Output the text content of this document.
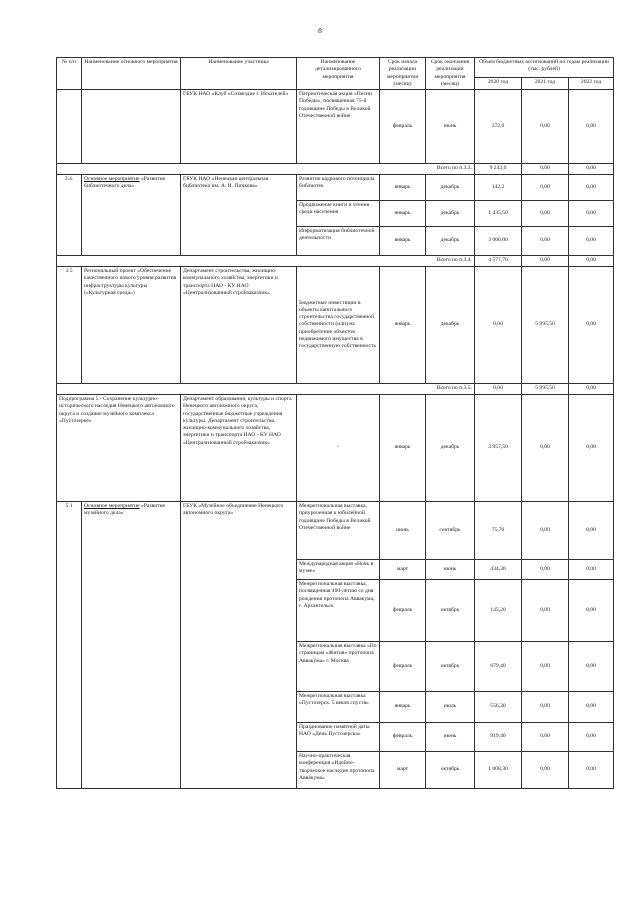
8
№ п/п	Наименование основного мероприятия	Наименование участника	Наименование детализированного мероприятия	Срок начала реализации мероприятия (месяц)	Срок окончания реализации мероприятия (месяц)	Объем бюджетных ассигнований по годам реализации (тыс. рублей)		
						2020 год	2021 год	2022 год
		ГБУК НАО «Клуб «Созвездие г. Искателей»	Патриотическая акция «Песни Победы», посвященная 75-й годовщине Победы в Великой Отечественной войне	февраль	июнь	372,0	0,00	0,00
Всего по п.3.3.						9 243,0	0,00	0,00
3.4.	Основное мероприятие «Развитие библиотечного дела»	ГБУК НАО «Ненецкая центральная библиотека им. А. И. Пичкова»	Развитие кадрового потенциала библиотек	январь	декабрь	142,2	0,00	0,00
			Продвижение книги и чтения среди населения	январь	декабрь	1 435,50	0,00	0,00
			Информатизация библиотечной деятельности	январь	декабрь	3 000,00	0,00	0,00
Всего по п.3.4.						4 577,70	0,00	0,00
3.5	Региональный проект «Обеспечение качественного нового уровня развития инфраструктуры культуры («Культурная среда»)	Департамент строительства, жилищно-коммунального хозяйства, энергетики и транспорта НАО - КУ НАО «Централизованный стройзаказчик»	Бюджетные инвестиции в объекты капитального строительства государственной собственности (или) на приобретение объектов недвижимого имущества в государственную собственность	январь	декабрь	0,00	5 995,50	0,00
Всего по п.3.5.						0,00	5 995,50	0,00
Подпрограмма 5 - Сохранение культурно-исторического наследия Ненецкого автономного округа и создание музейного комплекса «Пустозерье»		Департамент образования, культуры и спорта Ненецкого автономного округа, государственные бюджетные учреждения культуры, Департамент строительства, жилищно-коммунального хозяйства, энергетики и транспорта НАО - КУ НАО «Централизованный стройзаказчик»	-	январь	декабрь	3 957,50	0,00	0,00
5.1	Основное мероприятие «Развитие музейного дела»	ГБУК «Музейное объединение Ненецкого автономного округа»	Межрегиональная выставка, приуроченная к юбилейной годовщине Победы в Великой Отечественной войне	июнь	сентябрь	75,70	0,00	0,00
			Международная акция «Ночь в музее»	март	июнь	434,30	0,00	0,00
			Межрегиональная выставка, посвященная 400-летию со дня рождения протопопа Аввакума, г. Архангельск	февраль	октябрь	145,20	0,00	0,00
			Межрегиональная выставка «По страницам «Жития» протопопа Аввакума» г. Москва	февраль	октябрь	679,40	0,00	0,00
			Межрегиональная выставка «Пустозерск. 5 веков спустя»	январь	июль	556,30	0,00	0,00
			Празднование памятной даты НАО «День Пустозерска»	февраль	июнь	919,40	0,00	0,00
			Научно-практическая конференция «Идейно-творческое наследие протопопа Аввакума»	март	октябрь	1 008,30	0,00	0,00
